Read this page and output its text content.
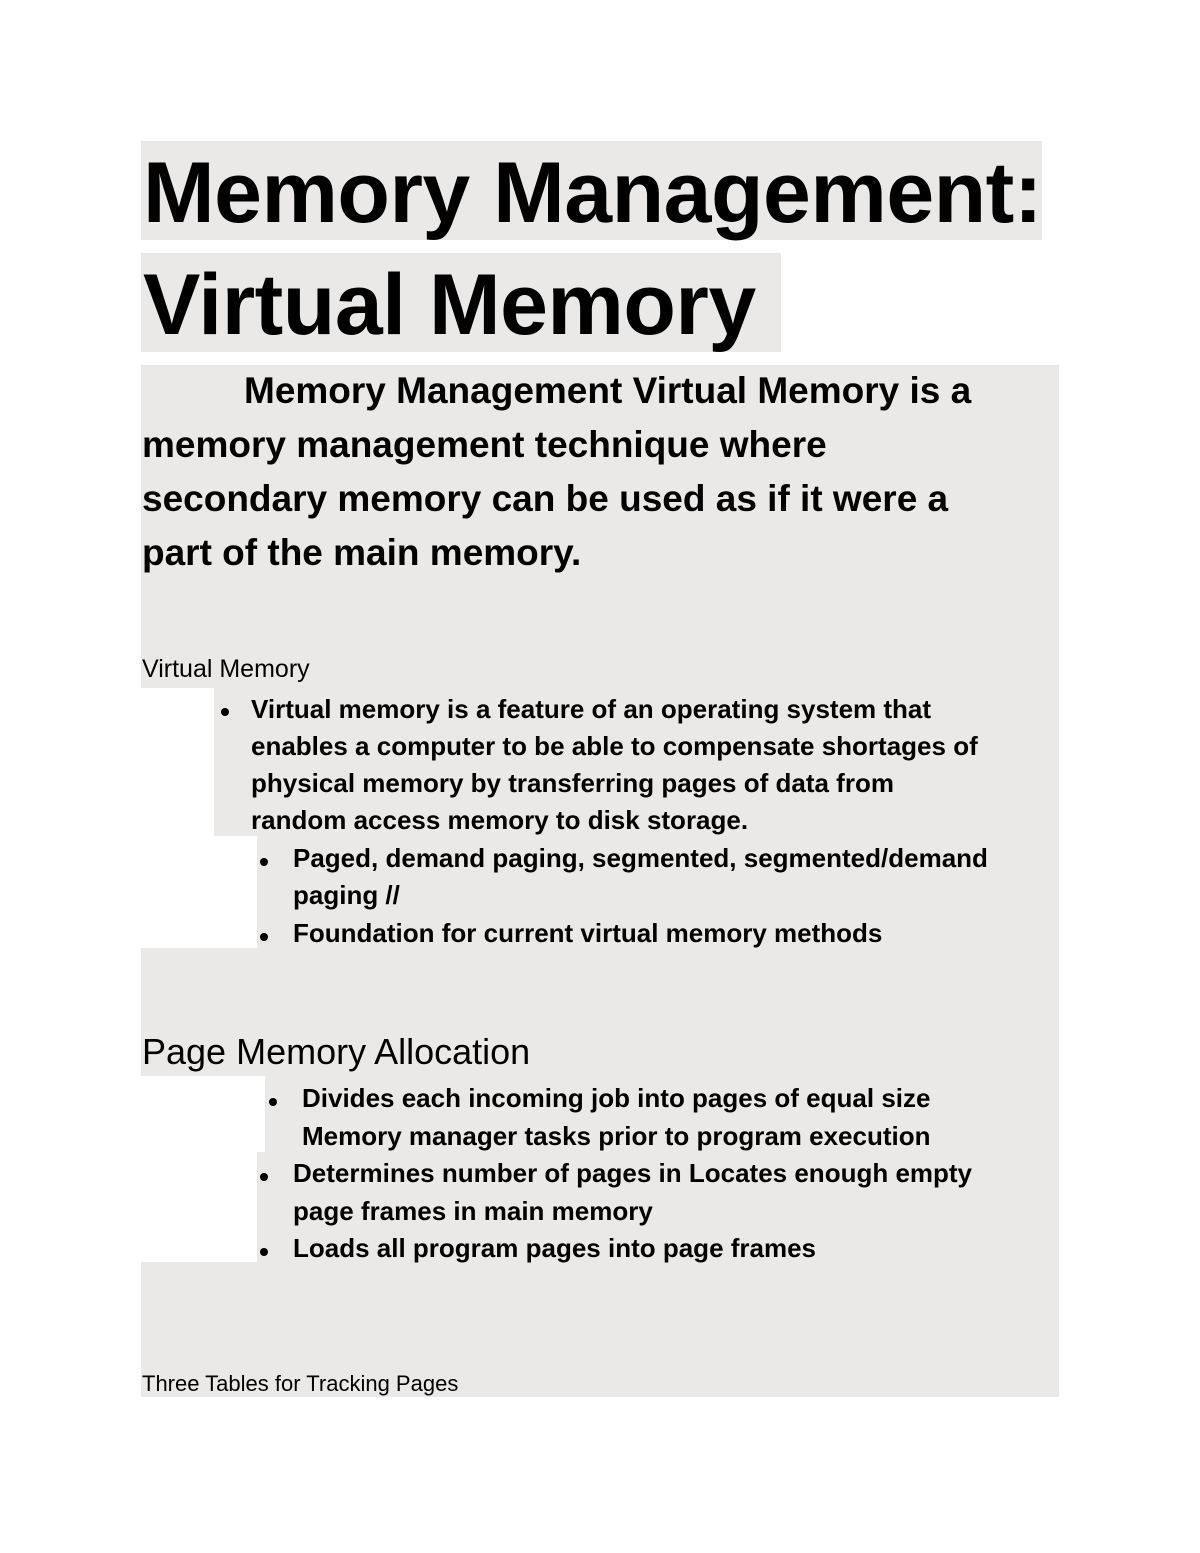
Memory Management:
Virtual Memory
Memory Management Virtual Memory is a
memory management technique where
secondary memory can be used as if it were a
part of the main memory.
Virtual Memory
Virtual memory is a feature of an operating system that
enables a computer to be able to compensate shortages of
physical memory by transferring pages of data from
random access memory to disk storage.
Paged, demand paging, segmented, segmented/demand
paging //
Foundation for current virtual memory methods
Page Memory Allocation
Divides each incoming job into pages of equal size
Memory manager tasks prior to program execution
Determines number of pages in Locates enough empty
page frames in main memory
Loads all program pages into page frames
Three Tables for Tracking Pages
